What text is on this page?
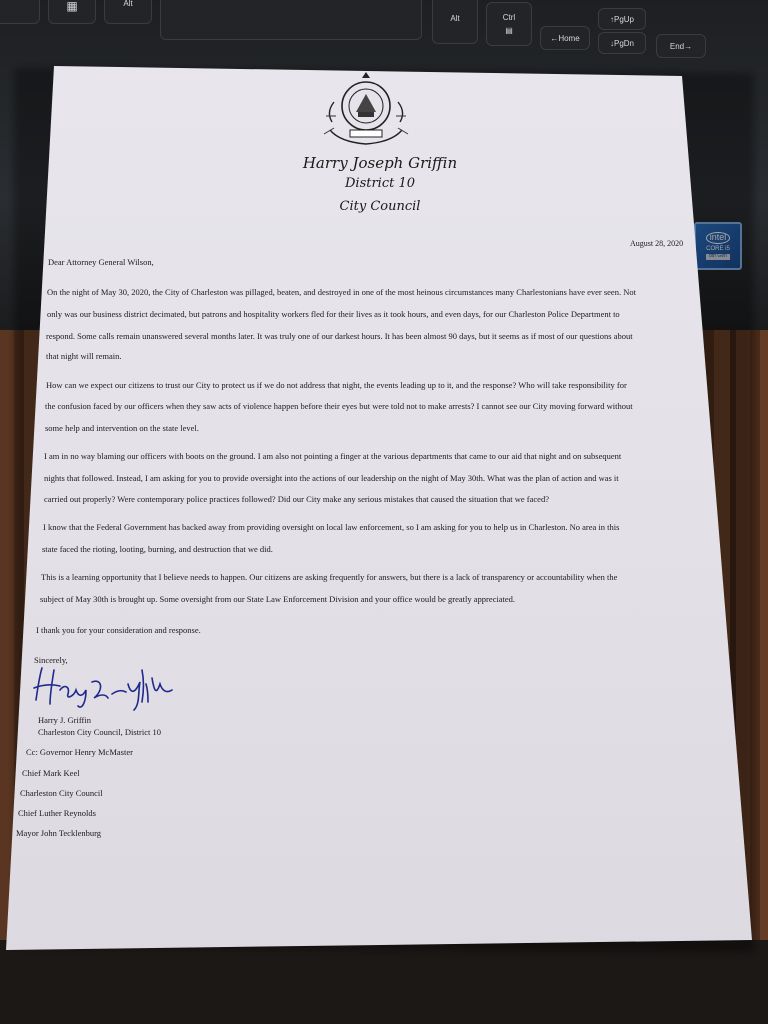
▦	Alt
Alt	Ctrl
▤
←Home
↑PgUp
↓PgDn	End→
intel
CORE i5
8th Gen
Harry Joseph Griffin
District 10
City Council
August 28, 2020
Dear Attorney General Wilson,
On the night of May 30, 2020, the City of Charleston was pillaged, beaten, and destroyed in one of the most heinous circumstances many Charlestonians have ever seen. Not
only was our business district decimated, but patrons and hospitality workers fled for their lives as it took hours, and even days, for our Charleston Police Department to
respond. Some calls remain unanswered several months later. It was truly one of our darkest hours. It has been almost 90 days, but it seems as if most of our questions about
that night will remain.
How can we expect our citizens to trust our City to protect us if we do not address that night, the events leading up to it, and the response? Who will take responsibility for
the confusion faced by our officers when they saw acts of violence happen before their eyes but were told not to make arrests? I cannot see our City moving forward without
some help and intervention on the state level.
I am in no way blaming our officers with boots on the ground. I am also not pointing a finger at the various departments that came to our aid that night and on subsequent
nights that followed. Instead, I am asking for you to provide oversight into the actions of our leadership on the night of May 30th. What was the plan of action and was it
carried out properly? Were contemporary police practices followed? Did our City make any serious mistakes that caused the situation that we faced?
I know that the Federal Government has backed away from providing oversight on local law enforcement, so I am asking for you to help us in Charleston. No area in this
state faced the rioting, looting, burning, and destruction that we did.
This is a learning opportunity that I believe needs to happen. Our citizens are asking frequently for answers, but there is a lack of transparency or accountability when the
subject of May 30th is brought up. Some oversight from our State Law Enforcement Division and your office would be greatly appreciated.
I thank you for your consideration and response.
Sincerely,
Harry J. Griffin
Charleston City Council, District 10
Cc: Governor Henry McMaster
Chief Mark Keel
Charleston City Council
Chief Luther Reynolds
Mayor John Tecklenburg
